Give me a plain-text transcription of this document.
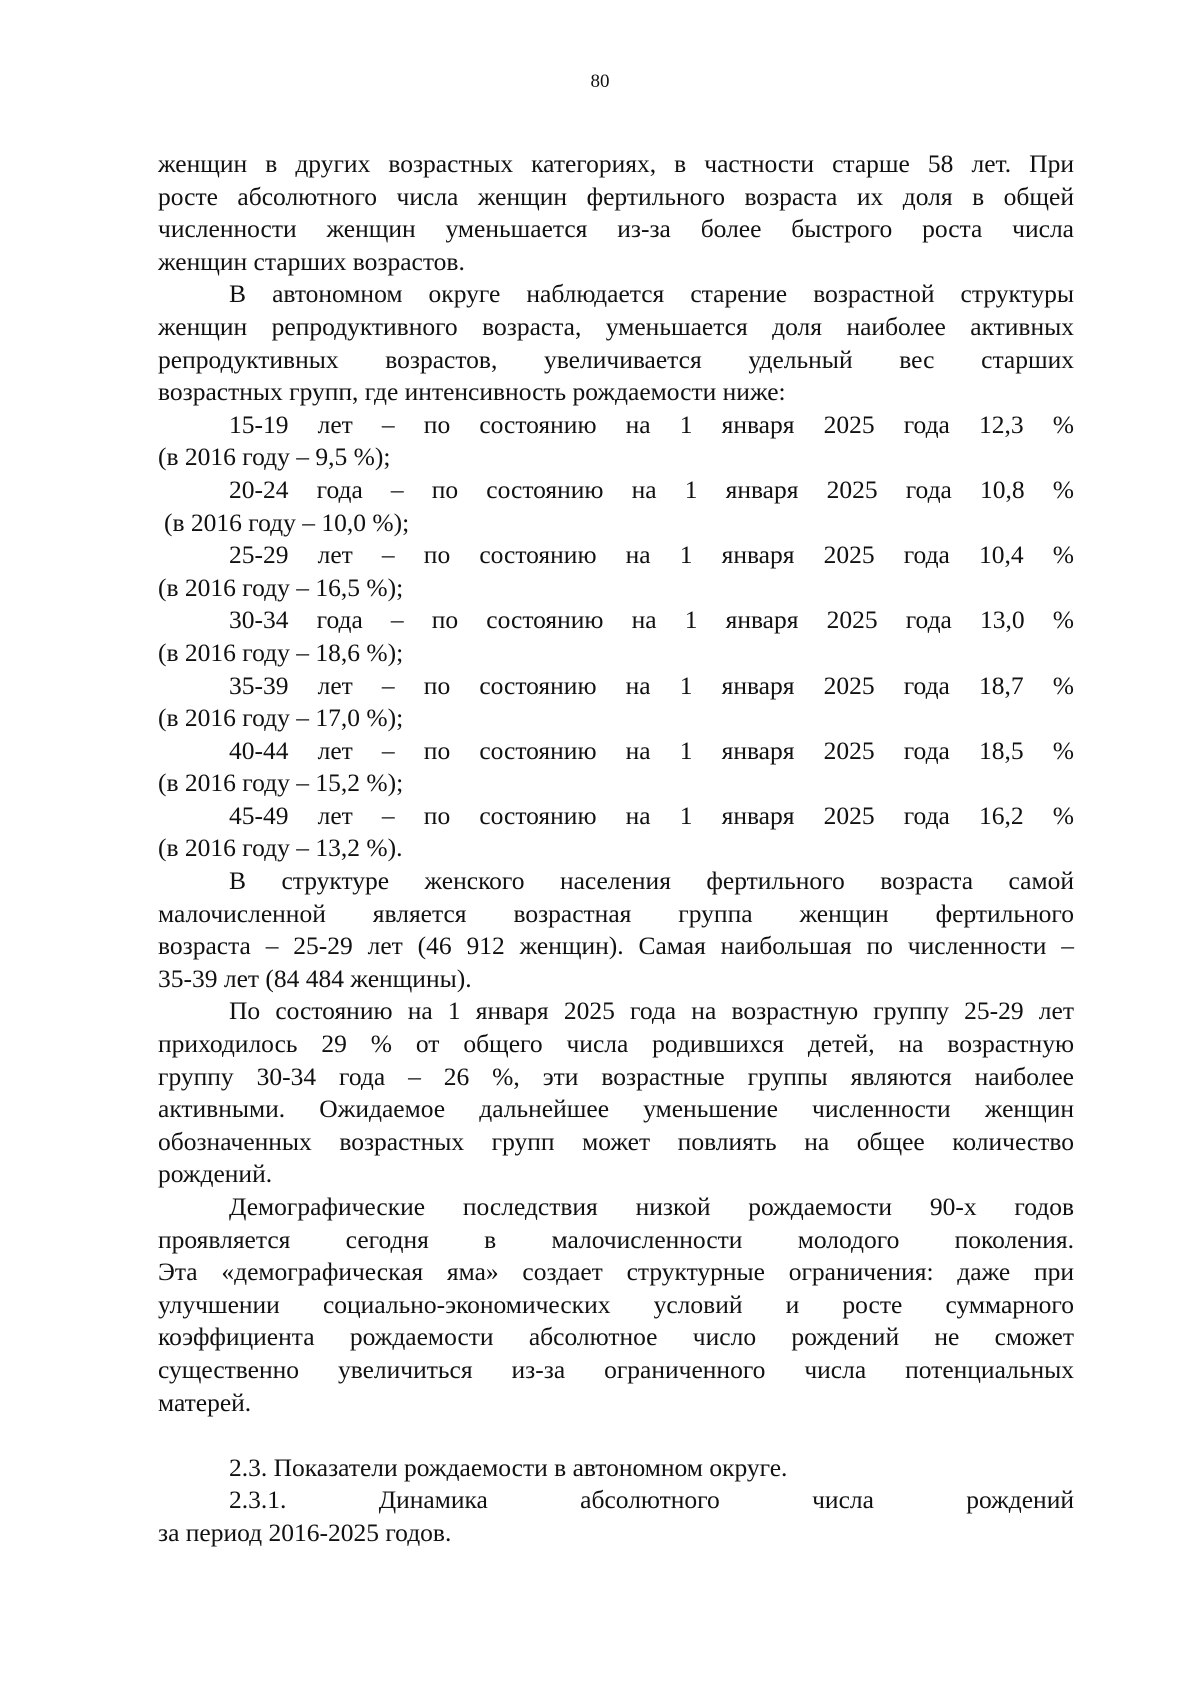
80
женщин в других возрастных категориях, в частности старше 58 лет. При
росте абсолютного числа женщин фертильного возраста их доля в общей
численности женщин уменьшается из-за более быстрого роста числа
женщин старших возрастов.
В автономном округе наблюдается старение возрастной структуры
женщин репродуктивного возраста, уменьшается доля наиболее активных
репродуктивных возрастов, увеличивается удельный вес старших
возрастных групп, где интенсивность рождаемости ниже:
15-19 лет – по состоянию на 1 января 2025 года 12,3 %
(в 2016 году – 9,5 %);
20-24 года – по состоянию на 1 января 2025 года 10,8 %
(в 2016 году – 10,0 %);
25-29 лет – по состоянию на 1 января 2025 года 10,4 %
(в 2016 году – 16,5 %);
30-34 года – по состоянию на 1 января 2025 года 13,0 %
(в 2016 году – 18,6 %);
35-39 лет – по состоянию на 1 января 2025 года 18,7 %
(в 2016 году – 17,0 %);
40-44 лет – по состоянию на 1 января 2025 года 18,5 %
(в 2016 году – 15,2 %);
45-49 лет – по состоянию на 1 января 2025 года 16,2 %
(в 2016 году – 13,2 %).
В структуре женского населения фертильного возраста самой
малочисленной является возрастная группа женщин фертильного
возраста – 25-29 лет (46 912 женщин). Самая наибольшая по численности –
35-39 лет (84 484 женщины).
По состоянию на 1 января 2025 года на возрастную группу 25-29 лет
приходилось 29 % от общего числа родившихся детей, на возрастную
группу 30-34 года – 26 %, эти возрастные группы являются наиболее
активными. Ожидаемое дальнейшее уменьшение численности женщин
обозначенных возрастных групп может повлиять на общее количество
рождений.
Демографические последствия низкой рождаемости 90-х годов
проявляется сегодня в малочисленности молодого поколения.
Эта «демографическая яма» создает структурные ограничения: даже при
улучшении социально-экономических условий и росте суммарного
коэффициента рождаемости абсолютное число рождений не сможет
существенно увеличиться из-за ограниченного числа потенциальных
матерей.
2.3. Показатели рождаемости в автономном округе.
2.3.1. Динамика абсолютного числа рождений
за период 2016-2025 годов.
